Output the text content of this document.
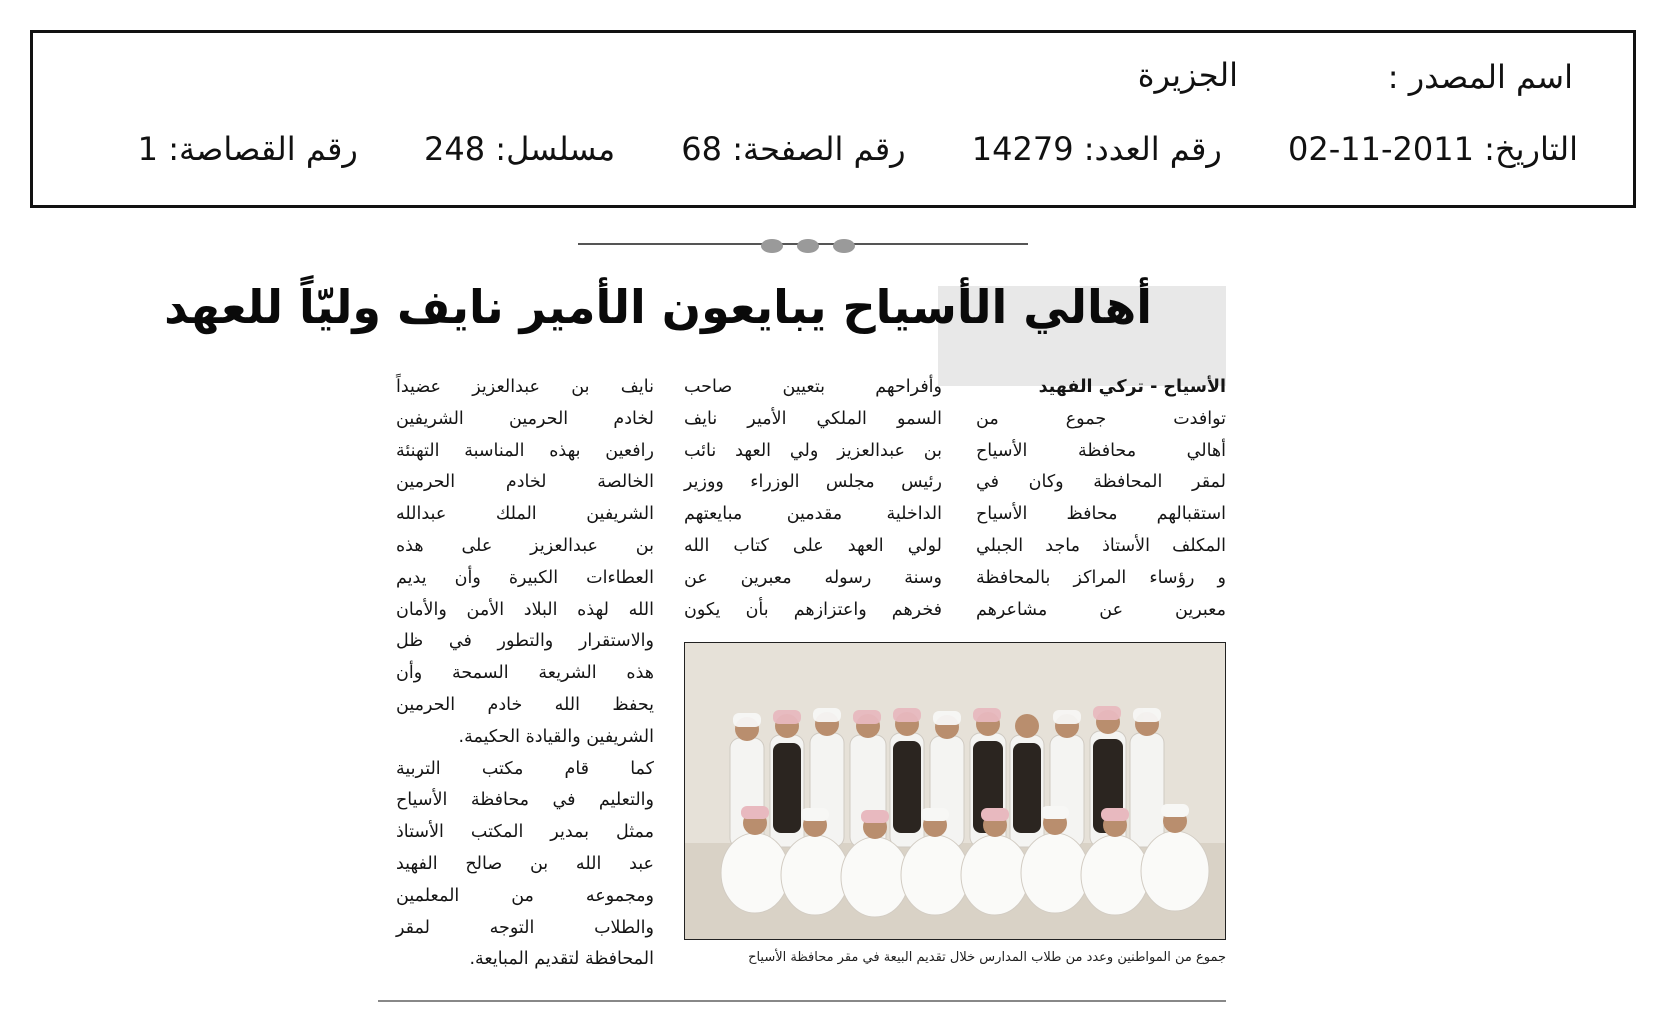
اسم المصدر :
الجزيرة
التاريخ: 02-11-2011 رقم العدد: 14279 رقم الصفحة: 68 مسلسل: 248 رقم القصاصة: 1
أهالي الأسياح يبايعون الأمير نايف وليّاً للعهد
الأسياح - تركي الفهيد
توافدت جموع من
أهالي محافظة الأسياح
لمقر المحافظة وكان في
استقبالهم محافظ الأسياح
المكلف الأستاذ ماجد الجبلي
و رؤساء المراكز بالمحافظة
معبرين عن مشاعرهم
وأفراحهم بتعيين صاحب
السمو الملكي الأمير نايف
بن عبدالعزيز ولي العهد نائب
رئيس مجلس الوزراء ووزير
الداخلية مقدمين مبايعتهم
لولي العهد على كتاب الله
وسنة رسوله معبرين عن
فخرهم واعتزازهم بأن يكون
نايف بن عبدالعزيز عضيداً
لخادم الحرمين الشريفين
رافعين بهذه المناسبة التهنئة
الخالصة لخادم الحرمين
الشريفين الملك عبدالله
بن عبدالعزيز على هذه
العطاءات الكبيرة وأن يديم
الله لهذه البلاد الأمن والأمان
والاستقرار والتطور في ظل
هذه الشريعة السمحة وأن
يحفظ الله خادم الحرمين
الشريفين والقيادة الحكيمة.
كما قام مكتب التربية
والتعليم في محافظة الأسياح
ممثل بمدير المكتب الأستاذ
عبد الله بن صالح الفهيد
ومجموعه من المعلمين
والطلاب التوجه لمقر
المحافظة لتقديم المبايعة.	جموع من المواطنين وعدد من طلاب المدارس خلال تقديم البيعة في مقر محافظة الأسياح
